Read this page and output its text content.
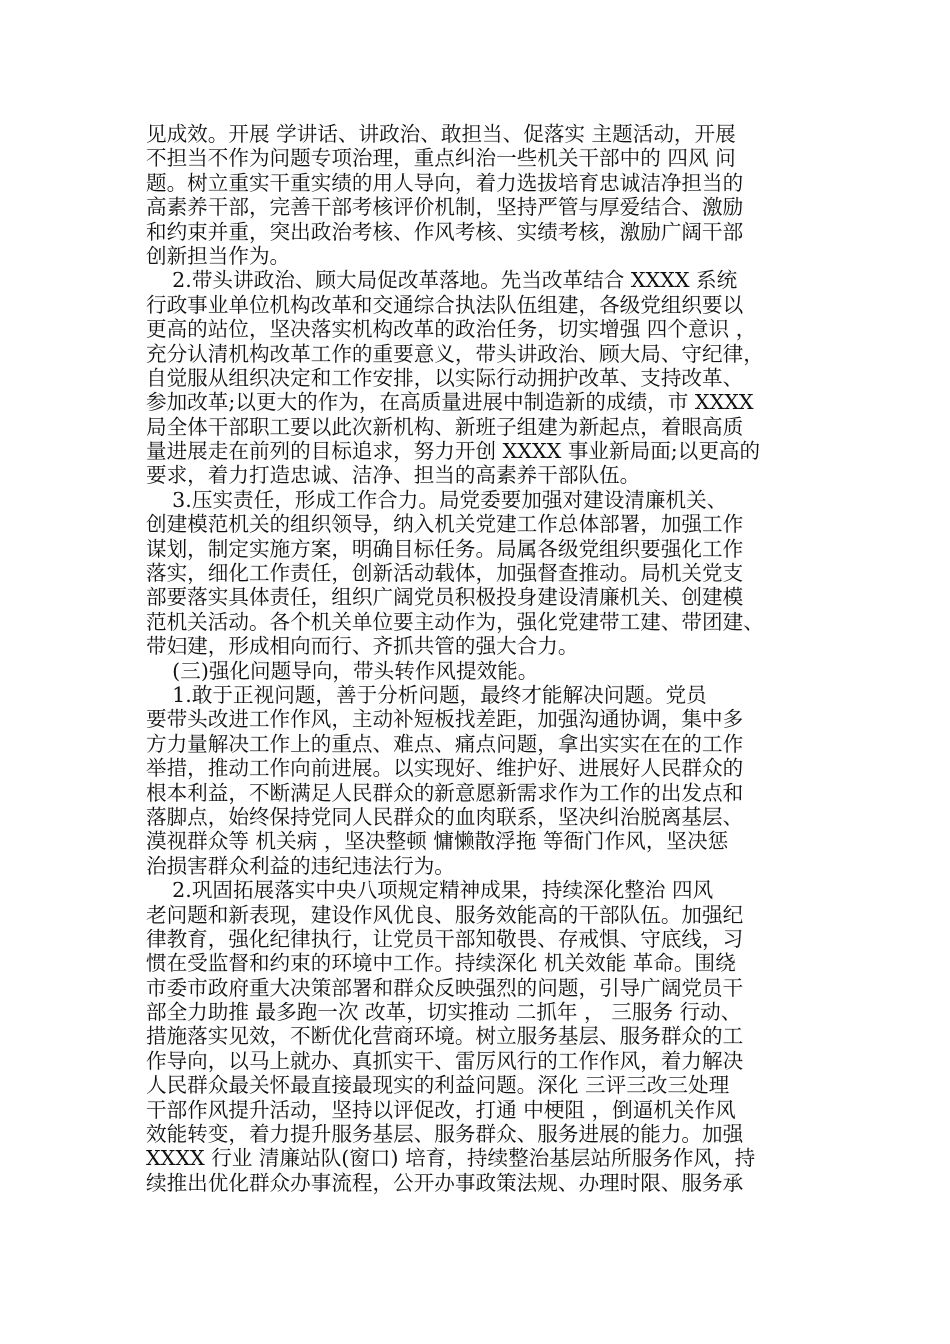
见成效。开展 学讲话、讲政治、敢担当、促落实 主题活动，开展
不担当不作为问题专项治理，重点纠治一些机关干部中的 四风 问
题。树立重实干重实绩的用人导向，着力选拔培育忠诚洁净担当的
高素养干部，完善干部考核评价机制，坚持严管与厚爱结合、激励
和约束并重，突出政治考核、作风考核、实绩考核，激励广阔干部
创新担当作为。
2.带头讲政治、顾大局促改革落地。先当改革结合 XXXX 系统
行政事业单位机构改革和交通综合执法队伍组建，各级党组织要以
更高的站位，坚决落实机构改革的政治任务，切实增强 四个意识 ，
充分认清机构改革工作的重要意义，带头讲政治、顾大局、守纪律，
自觉服从组织决定和工作安排，以实际行动拥护改革、支持改革、
参加改革;以更大的作为，在高质量进展中制造新的成绩，市 XXXX
局全体干部职工要以此次新机构、新班子组建为新起点，着眼高质
量进展走在前列的目标追求，努力开创 XXXX 事业新局面;以更高的
要求，着力打造忠诚、洁净、担当的高素养干部队伍。
3.压实责任，形成工作合力。局党委要加强对建设清廉机关、
创建模范机关的组织领导，纳入机关党建工作总体部署，加强工作
谋划，制定实施方案，明确目标任务。局属各级党组织要强化工作
落实，细化工作责任，创新活动载体，加强督查推动。局机关党支
部要落实具体责任，组织广阔党员积极投身建设清廉机关、创建模
范机关活动。各个机关单位要主动作为，强化党建带工建、带团建、
带妇建，形成相向而行、齐抓共管的强大合力。
(三)强化问题导向，带头转作风提效能。
1.敢于正视问题，善于分析问题，最终才能解决问题。党员
要带头改进工作作风，主动补短板找差距，加强沟通协调，集中多
方力量解决工作上的重点、难点、痛点问题，拿出实实在在的工作
举措，推动工作向前进展。以实现好、维护好、进展好人民群众的
根本利益，不断满足人民群众的新意愿新需求作为工作的出发点和
落脚点，始终保持党同人民群众的血肉联系，坚决纠治脱离基层、
漠视群众等 机关病 ，坚决整顿 慵懒散浮拖 等衙门作风，坚决惩
治损害群众利益的违纪违法行为。
2.巩固拓展落实中央八项规定精神成果，持续深化整治 四风
老问题和新表现，建设作风优良、服务效能高的干部队伍。加强纪
律教育，强化纪律执行，让党员干部知敬畏、存戒惧、守底线，习
惯在受监督和约束的环境中工作。持续深化 机关效能 革命。围绕
市委市政府重大决策部署和群众反映强烈的问题，引导广阔党员干
部全力助推 最多跑一次 改革，切实推动 二抓年 ， 三服务 行动、
措施落实见效，不断优化营商环境。树立服务基层、服务群众的工
作导向，以马上就办、真抓实干、雷厉风行的工作作风，着力解决
人民群众最关怀最直接最现实的利益问题。深化 三评三改三处理
干部作风提升活动，坚持以评促改，打通 中梗阻 ，倒逼机关作风
效能转变，着力提升服务基层、服务群众、服务进展的能力。加强
XXXX 行业 清廉站队(窗口) 培育，持续整治基层站所服务作风，持
续推出优化群众办事流程，公开办事政策法规、办理时限、服务承
